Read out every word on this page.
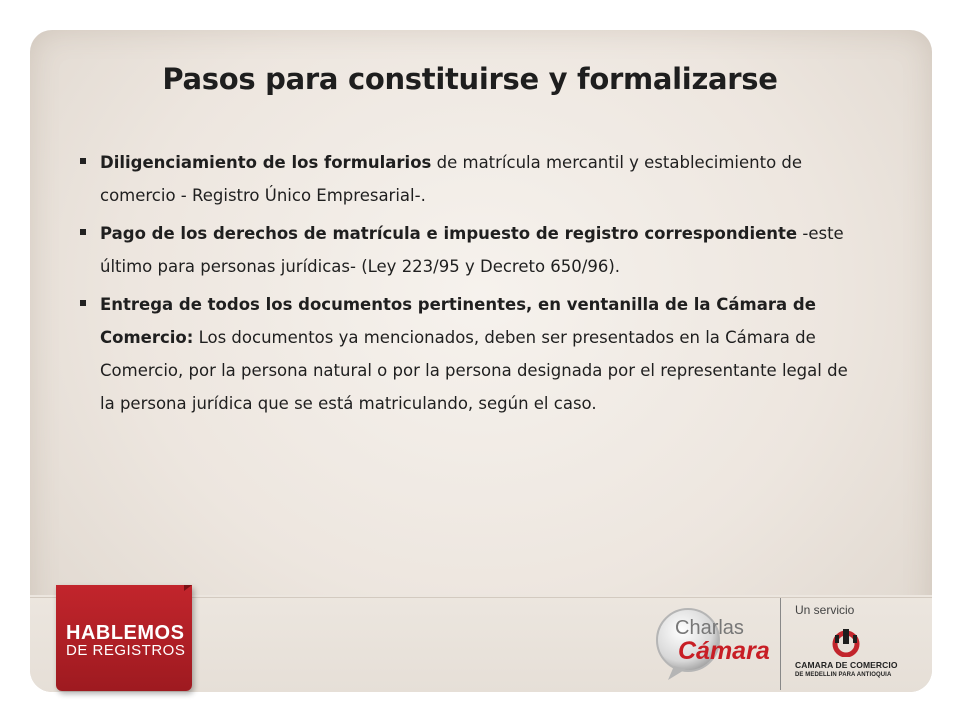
Pasos para constituirse y formalizarse
Diligenciamiento de los formularios de matrícula mercantil y establecimiento de comercio - Registro Único Empresarial-.
Pago de los derechos de matrícula e impuesto de registro correspondiente -este último para personas jurídicas- (Ley 223/95 y Decreto 650/96).
Entrega de todos los documentos pertinentes, en ventanilla de la Cámara de Comercio: Los documentos ya mencionados, deben ser presentados en la Cámara de Comercio, por la persona natural o por la persona designada por el representante legal de la persona jurídica que se está matriculando, según el caso.
HABLEMOS
DE REGISTROS
Charlas
Cámara
Un servicio
CAMARA DE COMERCIO
DE MEDELLIN PARA ANTIOQUIA
